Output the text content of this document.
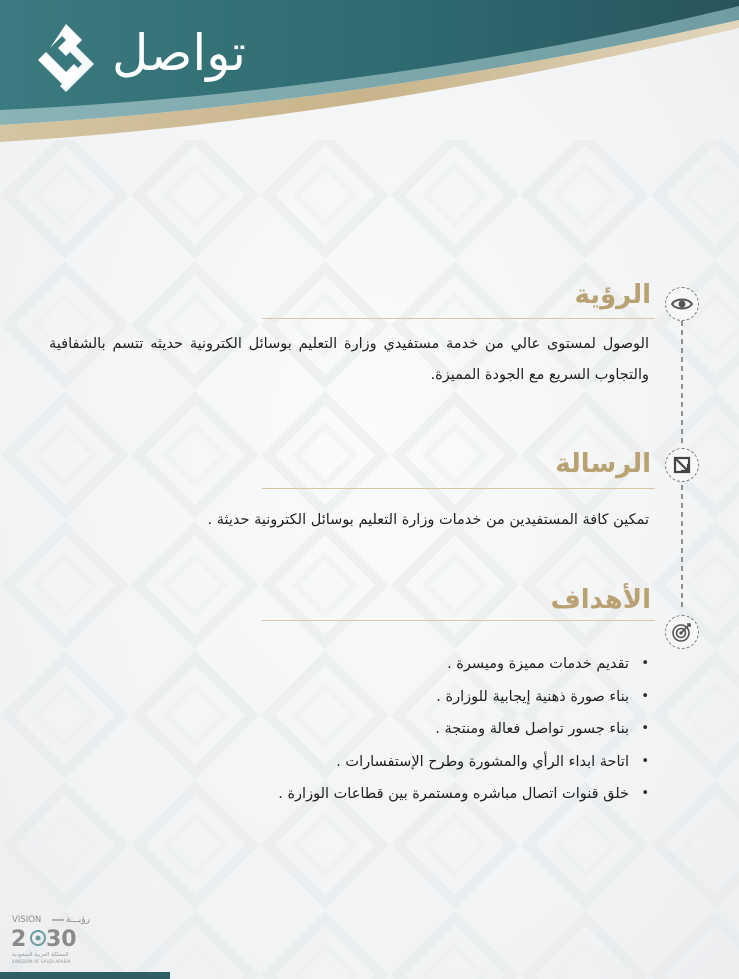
تواصل
الرؤية
الوصول لمستوى عالي من خدمة مستفيدي وزارة التعليم بوسائل الكترونية حديثه تتسم بالشفافية والتجاوب السريع مع الجودة المميزة.
الرسالة
تمكين كافة المستفيدين من خدمات وزارة التعليم بوسائل الكترونية حديثة .
الأهداف
• تقديم خدمات مميزة وميسرة .
• بناء صورة ذهنية إيجابية للوزارة .
• بناء جسور تواصل فعالة ومنتجة .
• اتاحة ابداء الرأي والمشورة وطرح الإستفسارات .
• خلق قنوات اتصال مباشره ومستمرة بين قطاعات الوزارة .
VISION	رؤيـــة
2 30
المملكة العربية السعودية
KINGDOM OF SAUDI ARABIA
